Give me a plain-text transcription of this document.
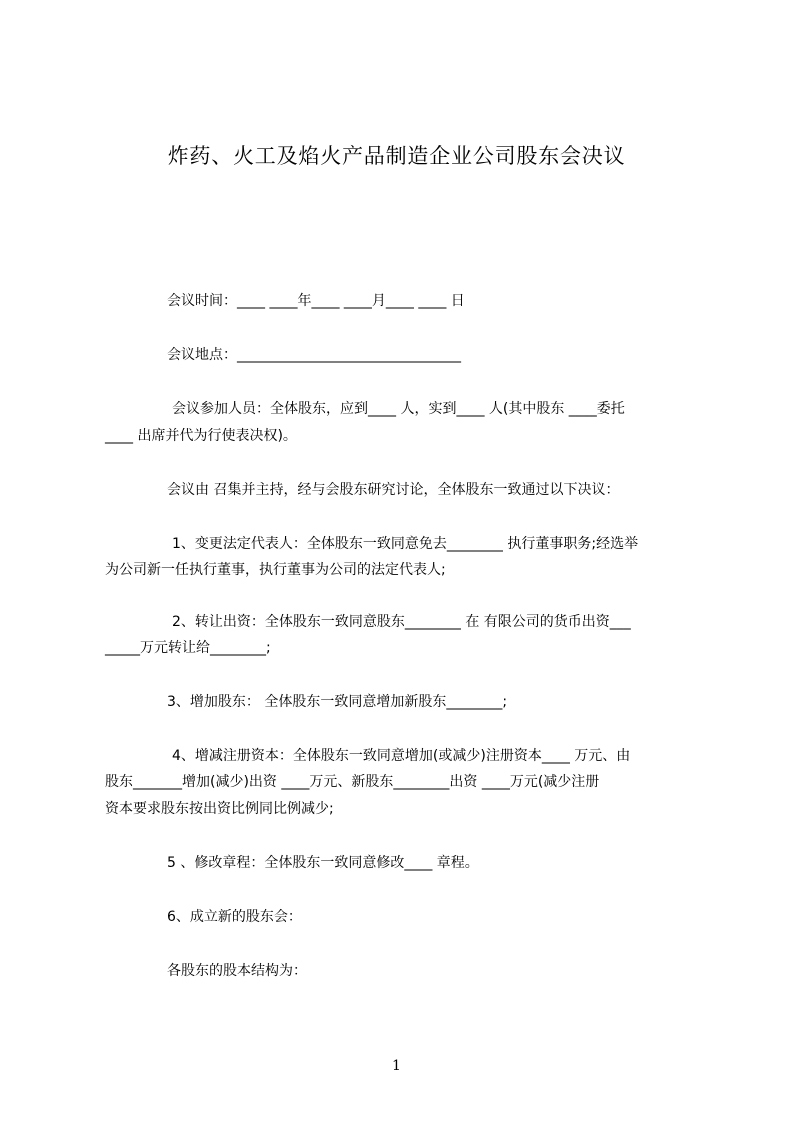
炸药、火工及焰火产品制造企业公司股东会决议
会议时间：____ ____年____ ____月____ ____ 日
会议地点：________________________________
会议参加人员：全体股东，应到____ 人，实到____ 人(其中股东 ____委托
____ 出席并代为行使表决权)。
会议由 召集并主持，经与会股东研究讨论，全体股东一致通过以下决议：
1、变更法定代表人：全体股东一致同意免去________ 执行董事职务;经选举
为公司新一任执行董事，执行董事为公司的法定代表人;
2、转让出资：全体股东一致同意股东________ 在 有限公司的货币出资___
_____万元转让给________;
3、增加股东： 全体股东一致同意增加新股东________;
4、增减注册资本：全体股东一致同意增加(或减少)注册资本____ 万元、由
股东_______增加(减少)出资 ____万元、新股东________出资 ____万元(减少注册
资本要求股东按出资比例同比例减少;
5 、修改章程：全体股东一致同意修改____ 章程。
6、成立新的股东会：
各股东的股本结构为：
1
